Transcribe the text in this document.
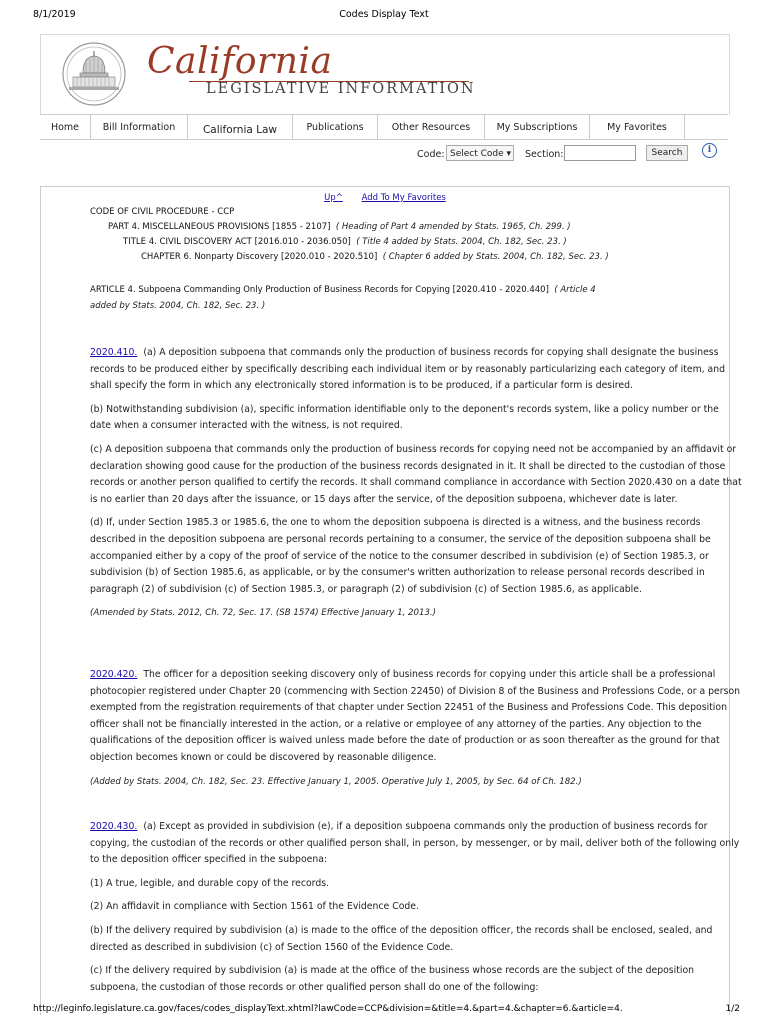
8/1/2019	Codes Display Text
California
LEGISLATIVE INFORMATION
Home	Bill Information	California Law	Publications	Other Resources	My Subscriptions	My Favorites
Code: Select Code ▾	Section:	Search	i
Up^ Add To My Favorites
CODE OF CIVIL PROCEDURE - CCP
PART 4. MISCELLANEOUS PROVISIONS [1855 - 2107] ( Heading of Part 4 amended by Stats. 1965, Ch. 299. )
TITLE 4. CIVIL DISCOVERY ACT [2016.010 - 2036.050] ( Title 4 added by Stats. 2004, Ch. 182, Sec. 23. )
CHAPTER 6. Nonparty Discovery [2020.010 - 2020.510] ( Chapter 6 added by Stats. 2004, Ch. 182, Sec. 23. )
ARTICLE 4. Subpoena Commanding Only Production of Business Records for Copying [2020.410 - 2020.440] ( Article 4
added by Stats. 2004, Ch. 182, Sec. 23. )

2020.410. (a) A deposition subpoena that commands only the production of business records for copying shall designate the business records to be produced either by specifically describing each individual item or by reasonably particularizing each category of item, and shall specify the form in which any electronically stored information is to be produced, if a particular form is desired.

(b) Notwithstanding subdivision (a), specific information identifiable only to the deponent's records system, like a policy number or the date when a consumer interacted with the witness, is not required.

(c) A deposition subpoena that commands only the production of business records for copying need not be accompanied by an affidavit or declaration showing good cause for the production of the business records designated in it. It shall be directed to the custodian of those records or another person qualified to certify the records. It shall command compliance in accordance with Section 2020.430 on a date that is no earlier than 20 days after the issuance, or 15 days after the service, of the deposition subpoena, whichever date is later.

(d) If, under Section 1985.3 or 1985.6, the one to whom the deposition subpoena is directed is a witness, and the business records described in the deposition subpoena are personal records pertaining to a consumer, the service of the deposition subpoena shall be accompanied either by a copy of the proof of service of the notice to the consumer described in subdivision (e) of Section 1985.3, or subdivision (b) of Section 1985.6, as applicable, or by the consumer's written authorization to release personal records described in paragraph (2) of subdivision (c) of Section 1985.3, or paragraph (2) of subdivision (c) of Section 1985.6, as applicable.

(Amended by Stats. 2012, Ch. 72, Sec. 17. (SB 1574) Effective January 1, 2013.)

2020.420. The officer for a deposition seeking discovery only of business records for copying under this article shall be a professional photocopier registered under Chapter 20 (commencing with Section 22450) of Division 8 of the Business and Professions Code, or a person exempted from the registration requirements of that chapter under Section 22451 of the Business and Professions Code. This deposition officer shall not be financially interested in the action, or a relative or employee of any attorney of the parties. Any objection to the qualifications of the deposition officer is waived unless made before the date of production or as soon thereafter as the ground for that objection becomes known or could be discovered by reasonable diligence.

(Added by Stats. 2004, Ch. 182, Sec. 23. Effective January 1, 2005. Operative July 1, 2005, by Sec. 64 of Ch. 182.)

2020.430. (a) Except as provided in subdivision (e), if a deposition subpoena commands only the production of business records for copying, the custodian of the records or other qualified person shall, in person, by messenger, or by mail, deliver both of the following only to the deposition officer specified in the subpoena:

(1) A true, legible, and durable copy of the records.

(2) An affidavit in compliance with Section 1561 of the Evidence Code.

(b) If the delivery required by subdivision (a) is made to the office of the deposition officer, the records shall be enclosed, sealed, and directed as described in subdivision (c) of Section 1560 of the Evidence Code.

(c) If the delivery required by subdivision (a) is made at the office of the business whose records are the subject of the deposition subpoena, the custodian of those records or other qualified person shall do one of the following:

http://leginfo.legislature.ca.gov/faces/codes_displayText.xhtml?lawCode=CCP&division=&title=4.&part=4.&chapter=6.&article=4.	1/2
